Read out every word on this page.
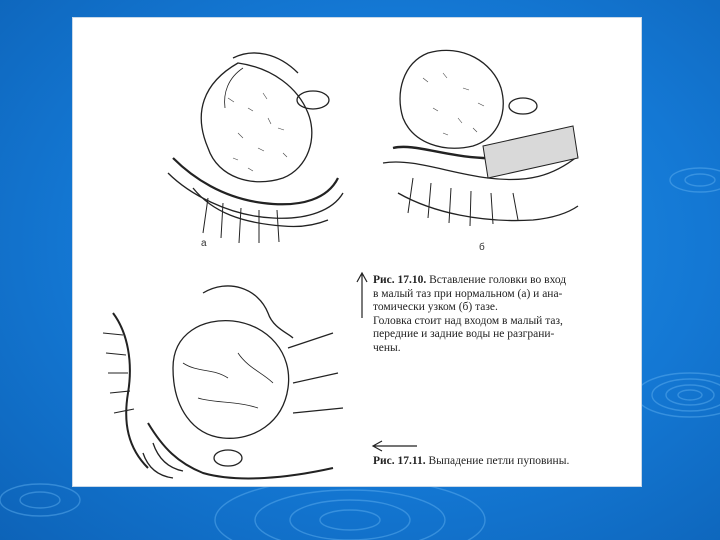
а	б
Рис. 17.10. Вставление головки во вход
в малый таз при нормальном (а) и ана-
томически узком (б) тазе.
Головка стоит над входом в малый таз,
передние и задние воды не разграни-
чены.
Рис. 17.11. Выпадение петли пуповины.
